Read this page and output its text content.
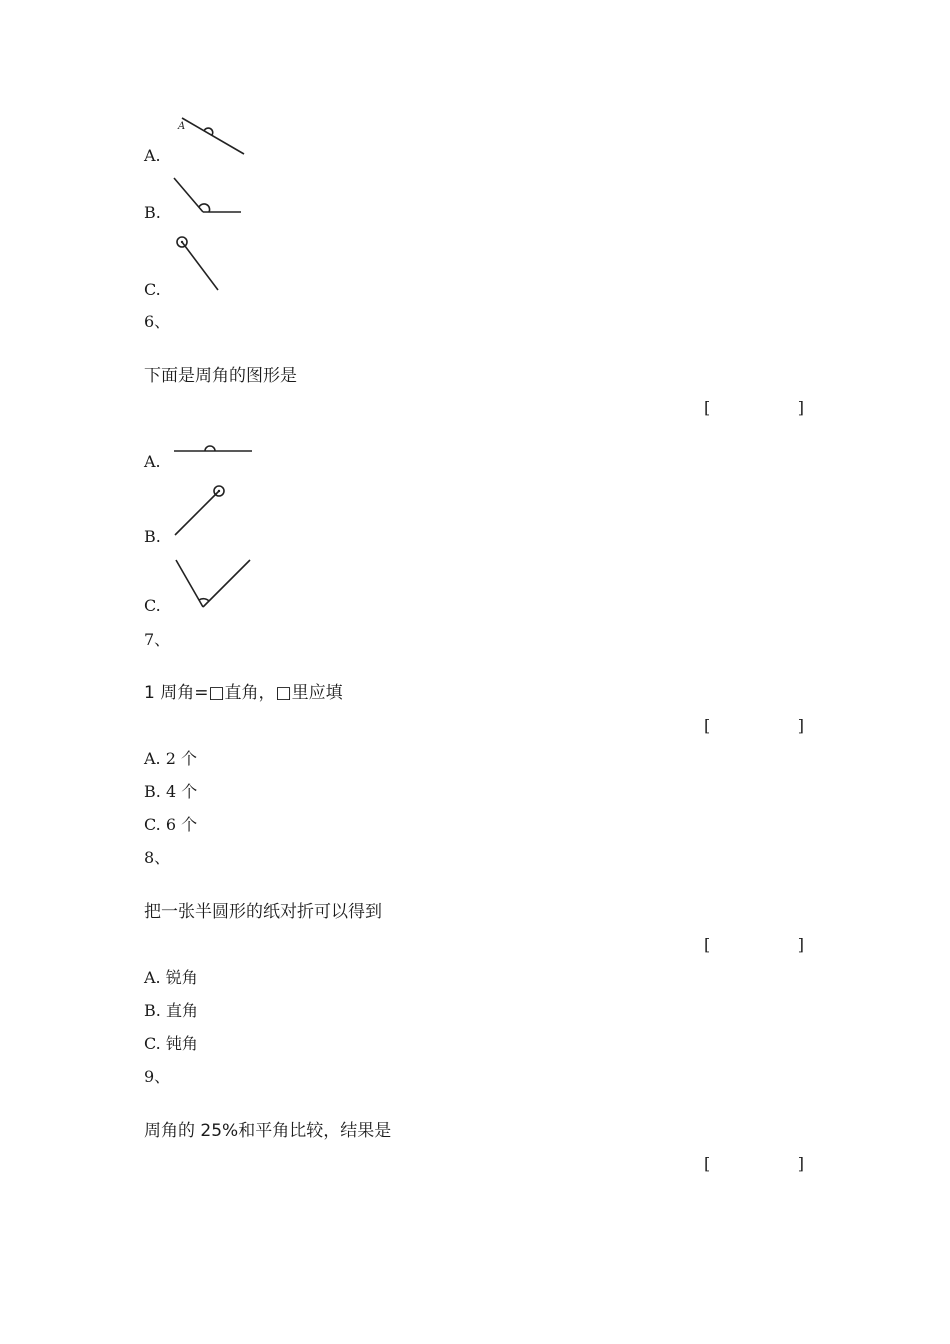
A.
A
B.
C.
6、
下面是周角的图形是
[	]
A.
B.
C.
7、
1 周角=□直角，□里应填
[	]
A. 2 个
B. 4 个
C. 6 个
8、
把一张半圆形的纸对折可以得到
[	]
A. 锐角
B. 直角
C. 钝角
9、
周角的 25%和平角比较，结果是
[	]
